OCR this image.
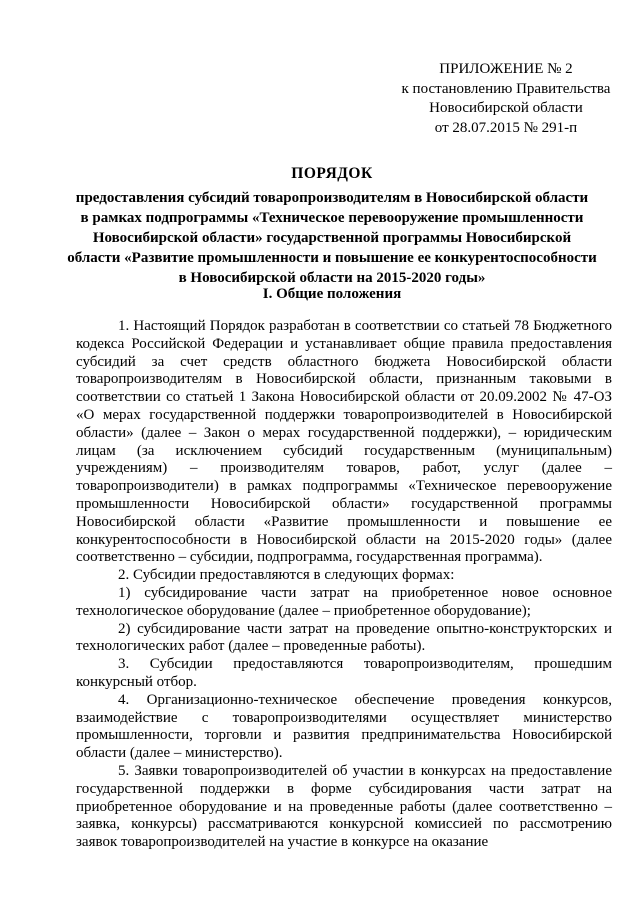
ПРИЛОЖЕНИЕ № 2
к постановлению Правительства
Новосибирской области
от 28.07.2015 № 291-п
ПОРЯДОК
предоставления субсидий товаропроизводителям в Новосибирской области
в рамках подпрограммы «Техническое перевооружение промышленности
Новосибирской области» государственной программы Новосибирской
области «Развитие промышленности и повышение ее конкурентоспособности
в Новосибирской области на 2015-2020 годы»
I. Общие положения

1. Настоящий Порядок разработан в соответствии со статьей 78 Бюджетного кодекса Российской Федерации и устанавливает общие правила предоставления субсидий за счет средств областного бюджета Новосибирской области товаропроизводителям в Новосибирской области, признанным таковыми в соответствии со статьей 1 Закона Новосибирской области от 20.09.2002 № 47-ОЗ «О мерах государственной поддержки товаропроизводителей в Новосибирской области» (далее – Закон о мерах государственной поддержки), – юридическим лицам (за исключением субсидий государственным (муниципальным) учреждениям) – производителям товаров, работ, услуг (далее – товаропроизводители) в рамках подпрограммы «Техническое перевооружение промышленности Новосибирской области» государственной программы Новосибирской области «Развитие промышленности и повышение ее конкурентоспособности в Новосибирской области на 2015-2020 годы» (далее соответственно – субсидии, подпрограмма, государственная программа).

2. Субсидии предоставляются в следующих формах:

1) субсидирование части затрат на приобретенное новое основное технологическое оборудование (далее – приобретенное оборудование);

2) субсидирование части затрат на проведение опытно-конструкторских и технологических работ (далее – проведенные работы).

3. Субсидии предоставляются товаропроизводителям, прошедшим конкурсный отбор.

4. Организационно-техническое обеспечение проведения конкурсов, взаимодействие с товаропроизводителями осуществляет министерство промышленности, торговли и развития предпринимательства Новосибирской области (далее – министерство).

5. Заявки товаропроизводителей об участии в конкурсах на предоставление государственной поддержки в форме субсидирования части затрат на приобретенное оборудование и на проведенные работы (далее соответственно – заявка, конкурсы) рассматриваются конкурсной комиссией по рассмотрению заявок товаропроизводителей на участие в конкурсе на оказание
